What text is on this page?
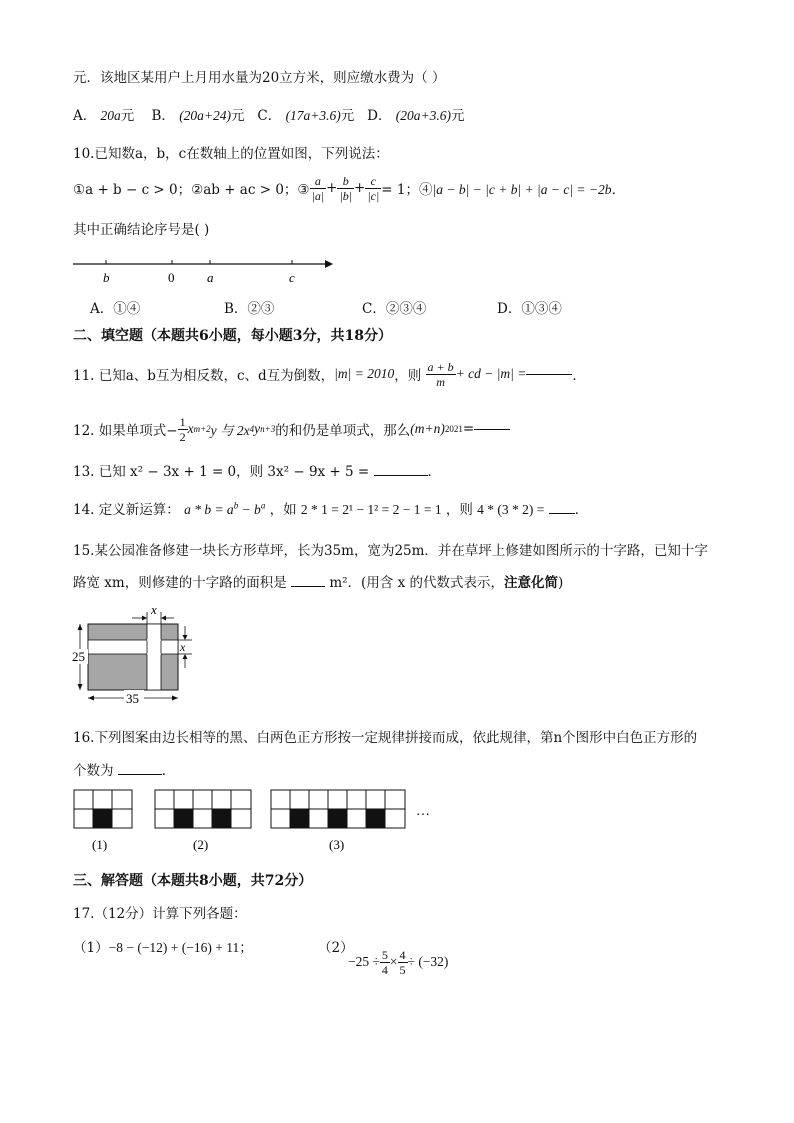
元．该地区某用户上月用水量为20立方米，则应缴水费为（ ）
A． 20a元 B． (20a+24)元 C． (17a+3.6)元 D． (20a+3.6)元
10.已知数a，b，c在数轴上的位置如图，下列说法：
①a + b − c > 0；②ab + ac > 0；③ $\frac{a}{|a|} + \frac{b}{|b|} + \frac{c}{|c|} = 1$；④ |a − b| − |c + b| + |a − c| = −2b．
其中正确结论序号是( )
b	0	a	c
A．①④	B．②③	C．②③④	D．①③④
二、填空题（本题共6小题，每小题3分，共18分）
11. 已知a、b互为相反数，c、d互为倒数， |m| = 2010 ，则
$\frac{a + b}{m}$ + cd − |m| =	．
12. 如果单项式− $\frac{1}{2}$ x m+2 y 与 2x 4 y n+3 的和仍是单项式，那么 (m+n) 2021 =
13. 已知 x² − 3x + 1 = 0，则 3x² − 9x + 5 =	．
14. 定义新运算： $a * b = a^b - b^a$ ，如 2 * 1 = 2¹ − 1² = 2 − 1 = 1 ，则 4 * (3 * 2) = ．
15.某公园准备修建一块长方形草坪，长为35m，宽为25m．并在草坪上修建如图所示的十字路，已知十字
路宽 xm，则修建的十字路的面积是	m²．(用含 x 的代数式表示，注意化简)
x
x
25
35
16.下列图案由边长相等的黑、白两色正方形按一定规律拼接而成，依此规律，第n个图形中白色正方形的
个数为	．
…
(1)	(2)	(3)
三、解答题（本题共8小题，共72分）
17.（12分）计算下列各题：
（1）−8 − (−12) + (−16) + 11；	（2）
$-25 \div \frac{5}{4} \times \frac{4}{5} \div (-32)$
